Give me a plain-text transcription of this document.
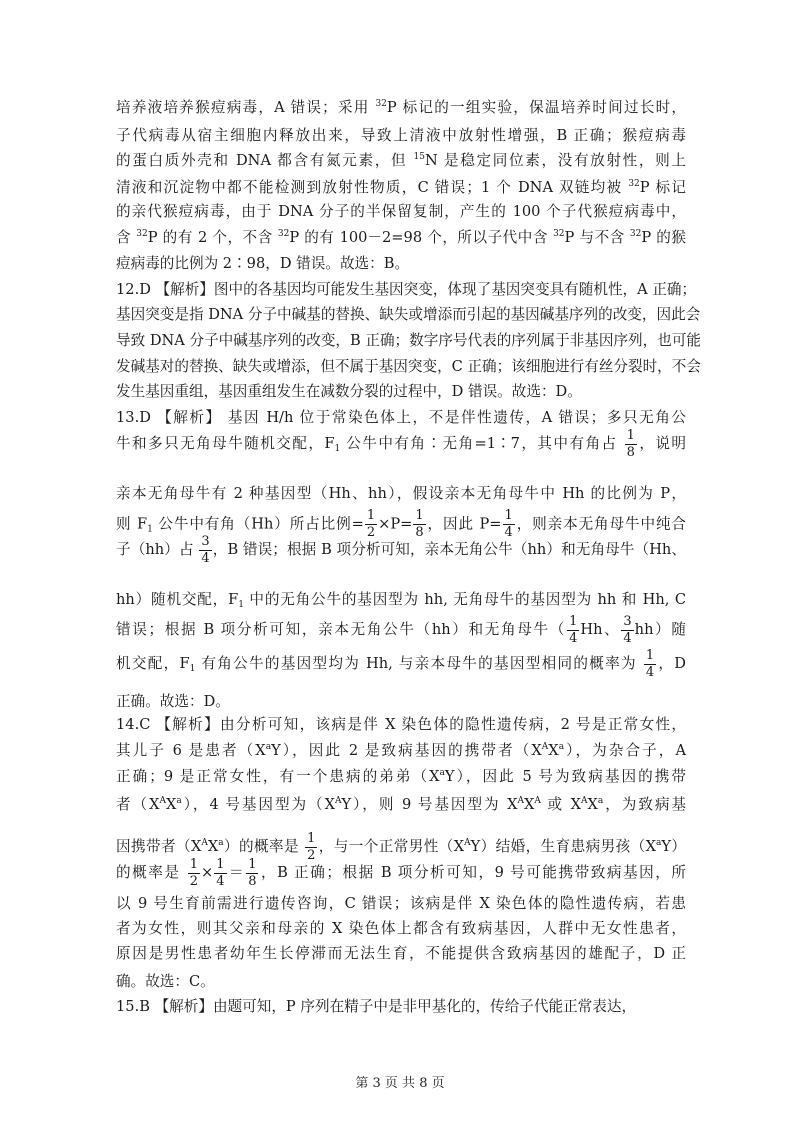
培养液培养猴痘病毒，A 错误；采用 $^{32}$P 标记的一组实验，保温培养时间过长时，
子代病毒从宿主细胞内释放出来，导致上清液中放射性增强，B 正确；猴痘病毒
的蛋白质外壳和 DNA 都含有氮元素，但 $^{15}$N 是稳定同位素，没有放射性，则上
清液和沉淀物中都不能检测到放射性物质，C 错误；1 个 DNA 双链均被 $^{32}$P 标记
的亲代猴痘病毒，由于 DNA 分子的半保留复制，产生的 100 个子代猴痘病毒中，
含 $^{32}$P 的有 2 个，不含 $^{32}$P 的有 100－2=98 个，所以子代中含 $^{32}$P 与不含 $^{32}$P 的猴
痘病毒的比例为 2∶98，D 错误。故选：B。
12.D 【解析】图中的各基因均可能发生基因突变，体现了基因突变具有随机性，A 正确；
基因突变是指 DNA 分子中碱基的替换、缺失或增添而引起的基因碱基序列的改变，因此会
导致 DNA 分子中碱基序列的改变，B 正确；数字序号代表的序列属于非基因序列，也可能
发碱基对的替换、缺失或增添，但不属于基因突变，C 正确；该细胞进行有丝分裂时，不会
发生基因重组，基因重组发生在减数分裂的过程中，D 错误。故选：D。
13.D 【解析】 基因 H/h 位于常染色体上，不是伴性遗传，A 错误；多只无角公
牛和多只无角母牛随机交配，$F_1$ 公牛中有角∶无角=1∶7，其中有角占 $\frac{1}{8}$ ，说明
亲本无角母牛有 2 种基因型（Hh、hh），假设亲本无角母牛中 Hh 的比例为 P，
则 $F_1$ 公牛中有角（Hh）所占比例= $\frac{1}{2} \times P= \frac{1}{8}$ ，因此 $P= \frac{1}{4}$ ，则亲本无角母牛中纯合
子（hh）占 $\frac{3}{4}$ ，B 错误；根据 B 项分析可知，亲本无角公牛（hh）和无角母牛（Hh、
hh）随机交配，$F_1$ 中的无角公牛的基因型为 hh, 无角母牛的基因型为 hh 和 Hh, C
错误；根据 B 项分析可知，亲本无角公牛（hh）和无角母牛（ $\frac{1}{4}$ Hh、 $\frac{3}{4} hh$）随
机交配，$F_1$ 有角公牛的基因型均为 Hh, 与亲本母牛的基因型相同的概率为 $\frac{1}{4}$ ，D
正确。故选：D。
14.C 【解析】由分析可知，该病是伴 X 染色体的隐性遗传病，2 号是正常女性，
其儿子 6 是患者$(X^aY)$，因此 2 是致病基因的携带者$(X^AX^a)$，为杂合子，A
正确；9 是正常女性，有一个患病的弟弟$(X^aY)$，因此 5 号为致病基因的携带
者$(X^AX^a)$，4 号基因型为$(X^AY)$，则 9 号基因型为 $X^AX^A$ 或 $X^AX^a$，为致病基
因携带者$(X^AX^a)$的概率是 $\frac{1}{2}$ ，与一个正常男性$(X^AY)$结婚，生育患病男孩$(X^aY)$
的概率是 $\frac{1}{2} \times \frac{1}{4} = \frac{1}{8}$ ，B 正确；根据 B 项分析可知，9 号可能携带致病基因，所
以 9 号生育前需进行遗传咨询，C 错误；该病是伴 X 染色体的隐性遗传病，若患
者为女性，则其父亲和母亲的 X 染色体上都含有致病基因，人群中无女性患者，
原因是男性患者幼年生长停滞而无法生育，不能提供含致病基因的雄配子，D 正
确。故选：C。
15.B 【解析】由题可知，P 序列在精子中是非甲基化的，传给子代能正常表达，
第 3 页 共 8 页
